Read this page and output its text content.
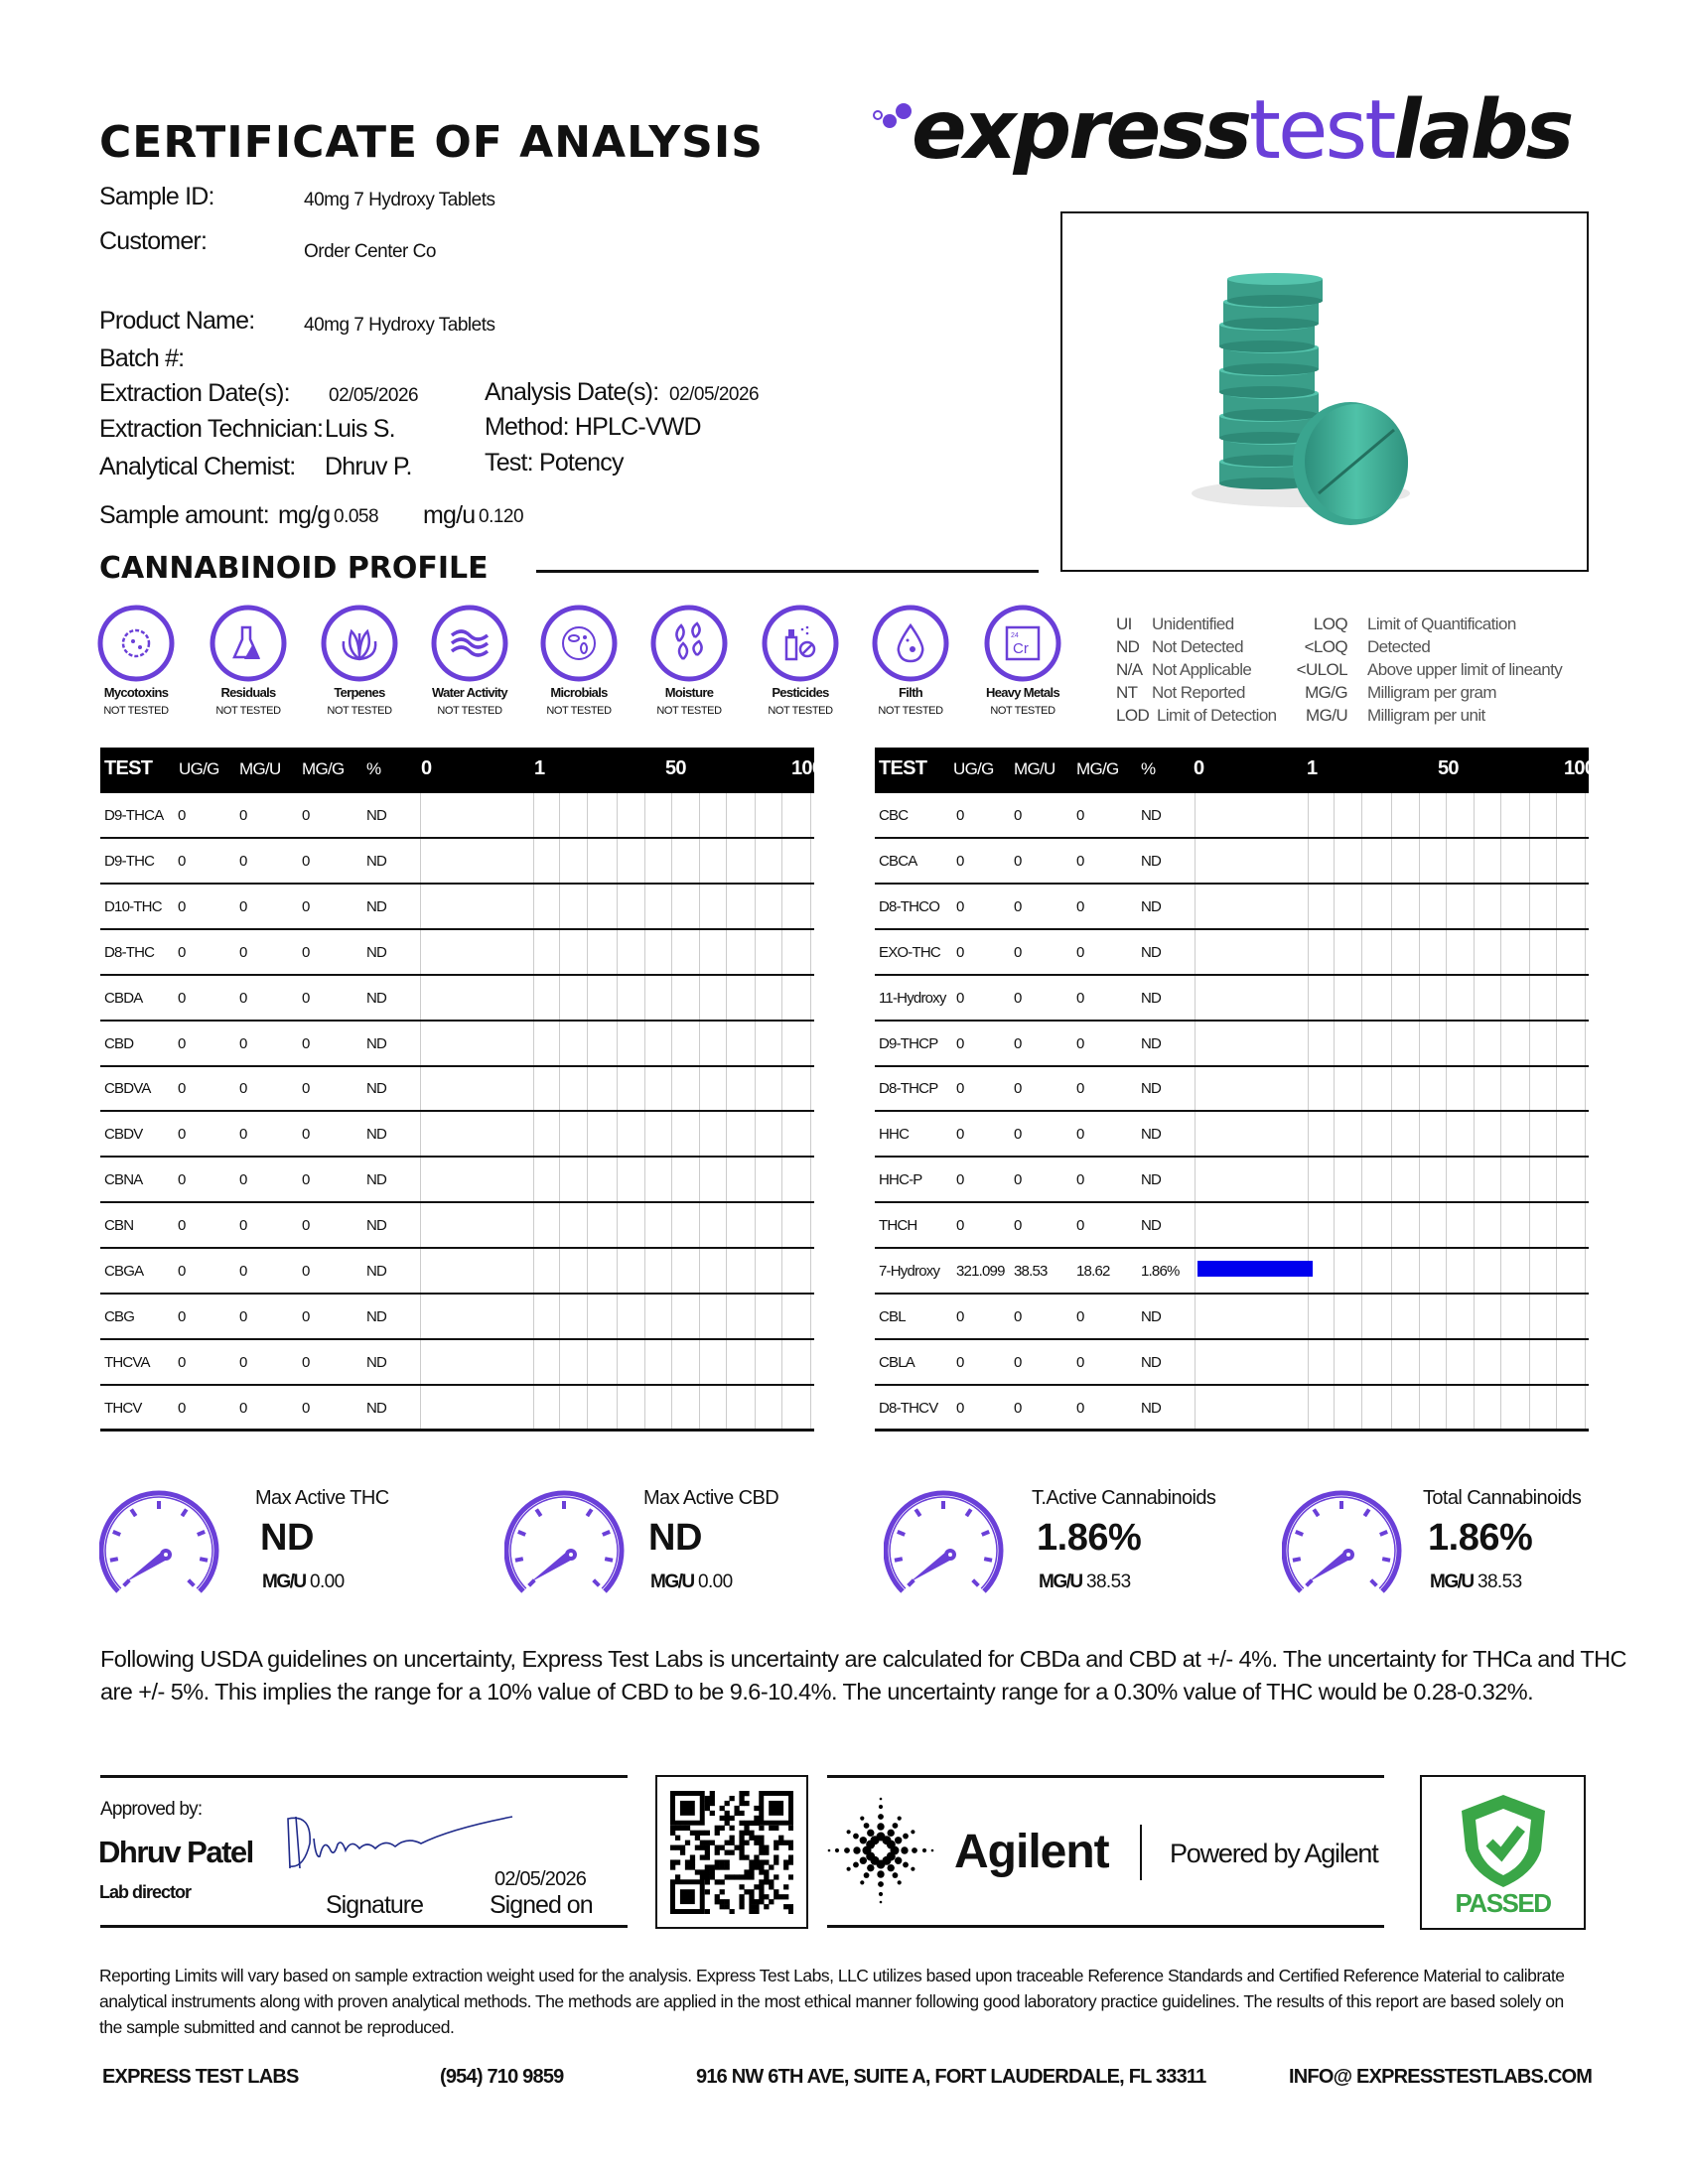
CERTIFICATE OF ANALYSIS expresstestlabs
Sample ID:	40mg 7 Hydroxy Tablets
Customer:	Order Center Co
Product Name:	40mg 7 Hydroxy Tablets
Batch #:
Extraction Date(s): 02/05/2026	Analysis Date(s): 02/05/2026
Extraction Technician: Luis S.	Method: HPLC-VWD
Analytical Chemist: Dhruv P.	Test: Potency
Sample amount: mg/g 0.058 mg/u 0.120
CANNABINOID PROFILE
Mycotoxins
NOT TESTED
Residuals
NOT TESTED
Terpenes
NOT TESTED
Water Activity
NOT TESTED
Microbials
NOT TESTED
Moisture
NOT TESTED
Pesticides
NOT TESTED
Filth
NOT TESTED
24
Cr
Heavy Metals
NOT TESTED
UI Unidentified
ND Not Detected
N/A Not Applicable
NT Not Reported
LOD Limit of Detection
LOQ Limit of Quantification
<LOQ Detected
<ULOL Above upper limit of lineanty
MG/G Milligram per gram
MG/U Milligram per unit
TEST UG/G MG/U MG/G % 0	1	50	100
D9-THCA 0	0	0	ND
D9-THC 0	0	0	ND
D10-THC 0	0	0	ND
D8-THC 0	0	0	ND
CBDA 0	0	0	ND
CBD	0	0	0	ND
CBDVA 0	0	0	ND
CBDV 0	0	0	ND
CBNA 0	0	0	ND
CBN	0	0	0	ND
CBGA 0	0	0	ND
CBG	0	0	0	ND
THCVA 0	0	0	ND
THCV 0	0	0	ND
TEST UG/G MG/U MG/G % 0	1	50	100
CBC	0	0	0	ND
CBCA	0	0	0	ND
D8-THCO 0	0	0	ND
EXO-THC 0	0	0	ND
11-Hydroxy 0	0	0	ND
D9-THCP 0	0	0	ND
D8-THCP 0	0	0	ND
HHC	0	0	0	ND
HHC-P 0	0	0	ND
THCH	0	0	0	ND
7-Hydroxy 321.099 38.53 18.62 1.86%
CBL	0	0	0	ND
CBLA	0	0	0	ND
D8-THCV 0	0	0	ND
Max Active THC
ND
MG/U 0.00
Max Active CBD
ND
MG/U 0.00
T.Active Cannabinoids
1.86%
MG/U 38.53
Total Cannabinoids
1.86%
MG/U 38.53
Following USDA guidelines on uncertainty, Express Test Labs is uncertainty are calculated for CBDa and CBD at +/- 4%. The uncertainty for THCa and THC are +/- 5%. This implies the range for a 10% value of CBD to be 9.6-10.4%. The uncertainty range for a 0.30% value of THC would be 0.28-0.32%.
Approved by:
Dhruv Patel
Lab director	Signature
02/05/2026
Signed on
Agilent Powered by Agilent
PASSED
Reporting Limits will vary based on sample extraction weight used for the analysis. Express Test Labs, LLC utilizes based upon traceable Reference Standards and Certified Reference Material to calibrate analytical instruments along with proven analytical methods. The methods are applied in the most ethical manner following good laboratory practice guidelines. The results of this report are based solely on the sample submitted and cannot be reproduced.
EXPRESS TEST LABS	(954) 710 9859	916 NW 6TH AVE, SUITE A, FORT LAUDERDALE, FL 33311	INFO@ EXPRESSTESTLABS.COM
